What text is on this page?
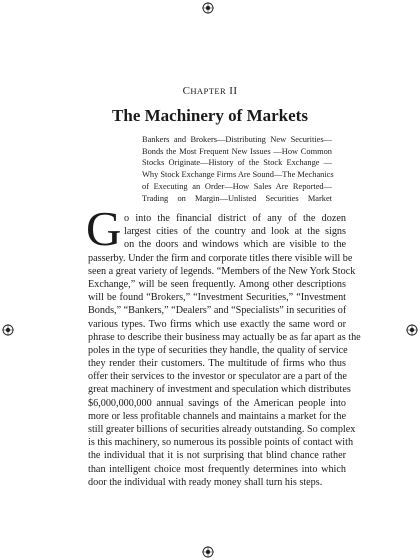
CHAPTER II
The Machinery of Markets
Bankers and Brokers—Distributing New Securities—
Bonds the Most Frequent New Issues —How Common
Stocks Originate—History of the Stock Exchange —
Why Stock Exchange Firms Are Sound—The Mechanics
of Executing an Order—How Sales Are Reported—
Trading on Margin—Unlisted Securities Market
G o into the financial district of any of the dozen
largest cities of the country and look at the signs
on the doors and windows which are visible to the
passerby. Under the firm and corporate titles there visible will be
seen a great variety of legends. “Members of the New York Stock
Exchange,” will be seen frequently. Among other descriptions
will be found “Brokers,” “Investment Securities,” “Investment
Bonds,” “Bankers,” “Dealers” and “Specialists” in securities of
various types. Two firms which use exactly the same word or
phrase to describe their business may actually be as far apart as the
poles in the type of securities they handle, the quality of service
they render their customers. The multitude of firms who thus
offer their services to the investor or speculator are a part of the
great machinery of investment and speculation which distributes
$6,000,000,000 annual savings of the American people into
more or less profitable channels and maintains a market for the
still greater billions of securities already outstanding. So complex
is this machinery, so numerous its possible points of contact with
the individual that it is not surprising that blind chance rather
than intelligent choice most frequently determines into which
door the individual with ready money shall turn his steps.
